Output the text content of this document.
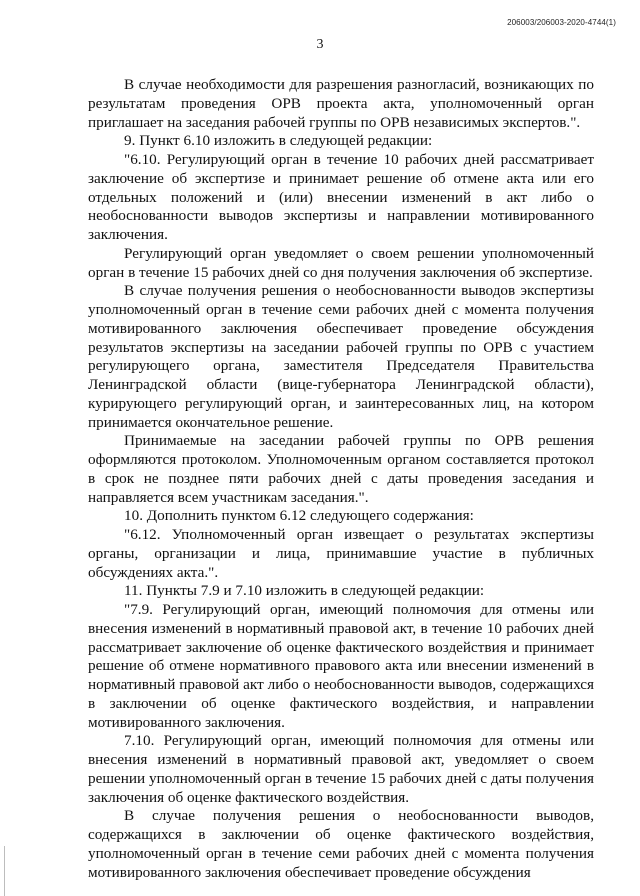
206003/206003-2020-4744(1)
3

В случае необходимости для разрешения разногласий, возникающих по результатам проведения ОРВ проекта акта, уполномоченный орган приглашает на заседания рабочей группы по ОРВ независимых экспертов.".

9. Пункт 6.10 изложить в следующей редакции:

"6.10. Регулирующий орган в течение 10 рабочих дней рассматривает заключение об экспертизе и принимает решение об отмене акта или его отдельных положений и (или) внесении изменений в акт либо о необоснованности выводов экспертизы и направлении мотивированного заключения.

Регулирующий орган уведомляет о своем решении уполномоченный орган в течение 15 рабочих дней со дня получения заключения об экспертизе.

В случае получения решения о необоснованности выводов экспертизы уполномоченный орган в течение семи рабочих дней с момента получения мотивированного заключения обеспечивает проведение обсуждения результатов экспертизы на заседании рабочей группы по ОРВ с участием регулирующего органа, заместителя Председателя Правительства Ленинградской области (вице-губернатора Ленинградской области), курирующего регулирующий орган, и заинтересованных лиц, на котором принимается окончательное решение.

Принимаемые на заседании рабочей группы по ОРВ решения оформляются протоколом. Уполномоченным органом составляется протокол в срок не позднее пяти рабочих дней с даты проведения заседания и направляется всем участникам заседания.".

10. Дополнить пунктом 6.12 следующего содержания:

"6.12. Уполномоченный орган извещает о результатах экспертизы органы, организации и лица, принимавшие участие в публичных обсуждениях акта.".

11. Пункты 7.9 и 7.10 изложить в следующей редакции:

"7.9. Регулирующий орган, имеющий полномочия для отмены или внесения изменений в нормативный правовой акт, в течение 10 рабочих дней рассматривает заключение об оценке фактического воздействия и принимает решение об отмене нормативного правового акта или внесении изменений в нормативный правовой акт либо о необоснованности выводов, содержащихся в заключении об оценке фактического воздействия, и направлении мотивированного заключения.

7.10. Регулирующий орган, имеющий полномочия для отмены или внесения изменений в нормативный правовой акт, уведомляет о своем решении уполномоченный орган в течение 15 рабочих дней с даты получения заключения об оценке фактического воздействия.

В случае получения решения о необоснованности выводов, содержащихся в заключении об оценке фактического воздействия, уполномоченный орган в течение семи рабочих дней с момента получения мотивированного заключения обеспечивает проведение обсуждения
